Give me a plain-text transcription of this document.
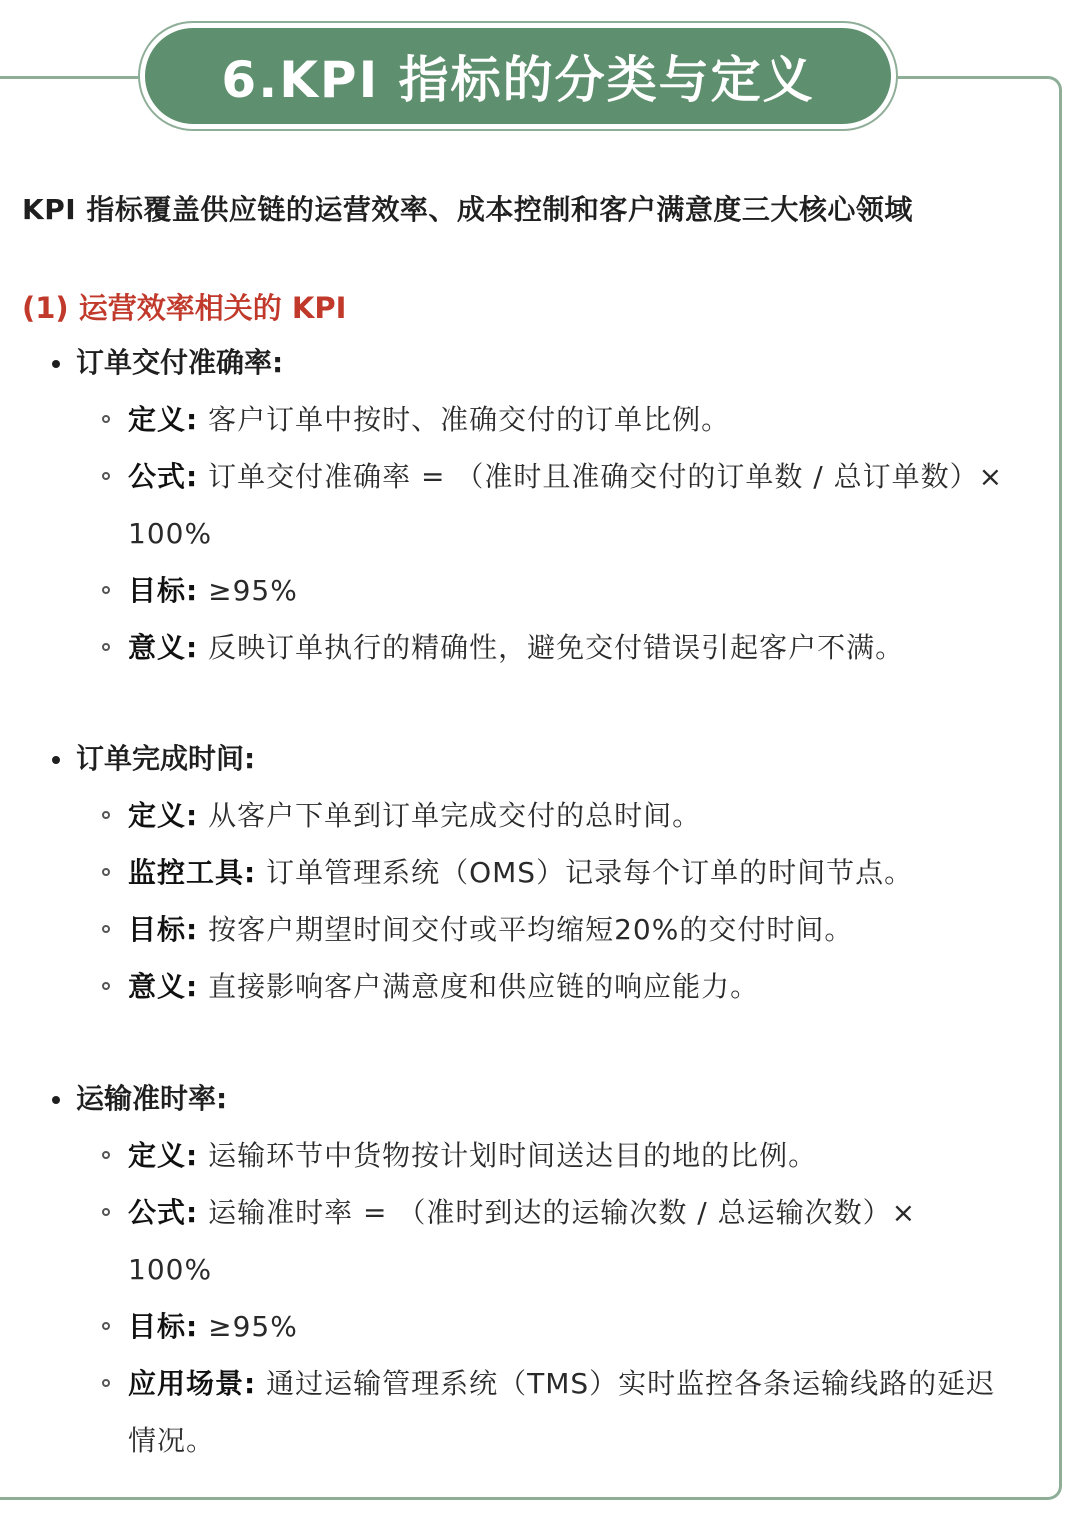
6.KPI 指标的分类与定义
KPI 指标覆盖供应链的运营效率、成本控制和客户满意度三大核心领域
(1) 运营效率相关的 KPI
订单交付准确率:
定义: 客户订单中按时、准确交付的订单比例。
公式: 订单交付准确率 = （准时且准确交付的订单数 / 总订单数）× 100%
目标: ≥95%
意义: 反映订单执行的精确性，避免交付错误引起客户不满。
订单完成时间:
定义: 从客户下单到订单完成交付的总时间。
监控工具: 订单管理系统（OMS）记录每个订单的时间节点。
目标: 按客户期望时间交付或平均缩短20%的交付时间。
意义: 直接影响客户满意度和供应链的响应能力。
运输准时率:
定义: 运输环节中货物按计划时间送达目的地的比例。
公式: 运输准时率 = （准时到达的运输次数 / 总运输次数）× 100%
目标: ≥95%
应用场景: 通过运输管理系统（TMS）实时监控各条运输线路的延迟情况。
